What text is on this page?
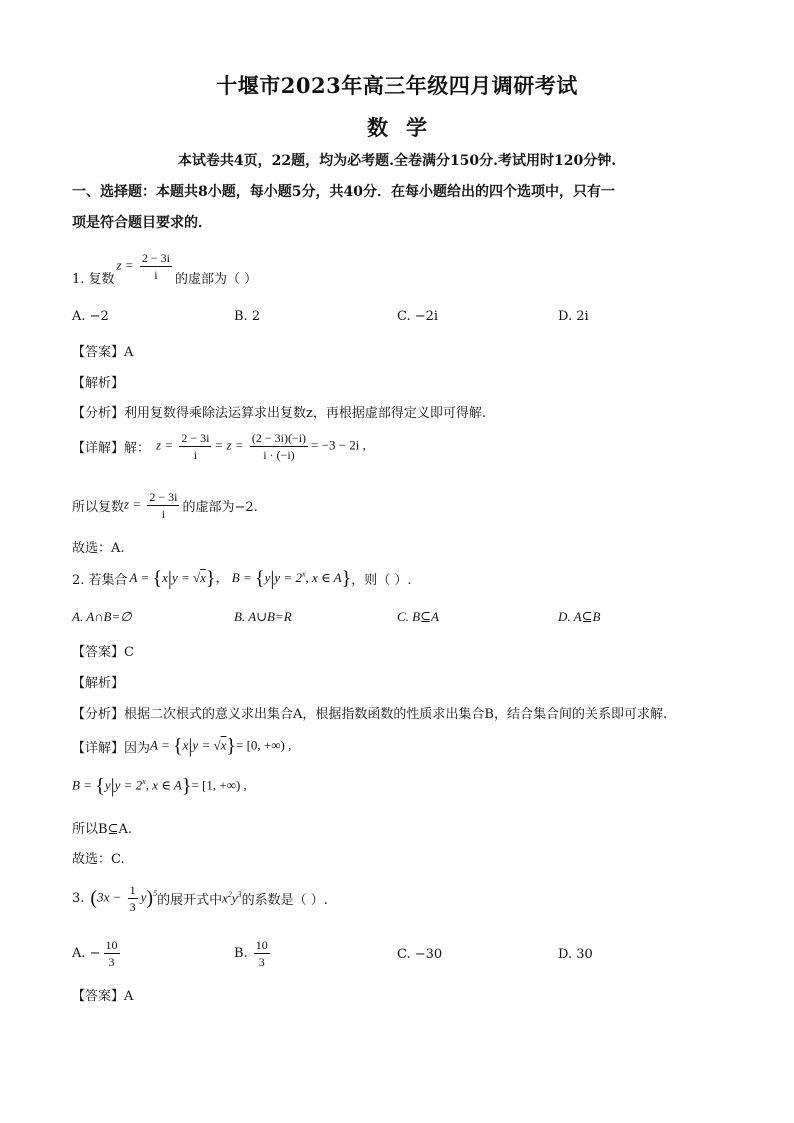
十堰市2023年高三年级四月调研考试
数学
本试卷共4页，22题，均为必考题.全卷满分150分.考试用时120分钟.
一、选择题：本题共8小题，每小题5分，共40分．在每小题给出的四个选项中，只有一
项是符合题目要求的．
1. 复数
$z = \frac{2 - 3i}{i}$ 的虚部为（ ）
A. −2	B. 2	C. −2i	D. 2i
【答案】A
【解析】
【分析】利用复数得乘除法运算求出复数z，再根据虚部得定义即可得解.
【详解】 解： $z = \frac{2 - 3i}{i} = z = \frac{(2 - 3i)(-i)}{i \cdot (-i)} = -3 - 2i$ ,
所以复数 $z = \frac{2 - 3i}{i}$ 的虚部为−2.
故选：A.
2. 若集合 A = {x|y = √x}， $B = \{y|y = 2^x$, x ∈ A} ，则（ ）.
A. A∩B=∅	B. A∪B=R	C. B⊆A	D. A⊆B
【答案】C
【解析】
【分析】根据二次根式的意义求出集合A，根据指数函数的性质求出集合B，结合集合间的关系即可求解.
【详解】 因为 A = {x|y = √x}= [0, +∞) ,
$B = \{y|y = 2^x$, x ∈ A}= [1, +∞) ,
所以B⊆A.
故选：C.
3. $(3x - \frac{1}{3} y)^5$ 的展开式中 $x^2y^3$ 的系数是（ ）.
A. − $\frac{10}{3}$	B. $\frac{10}{3}$	C. −30	D. 30
【答案】A
